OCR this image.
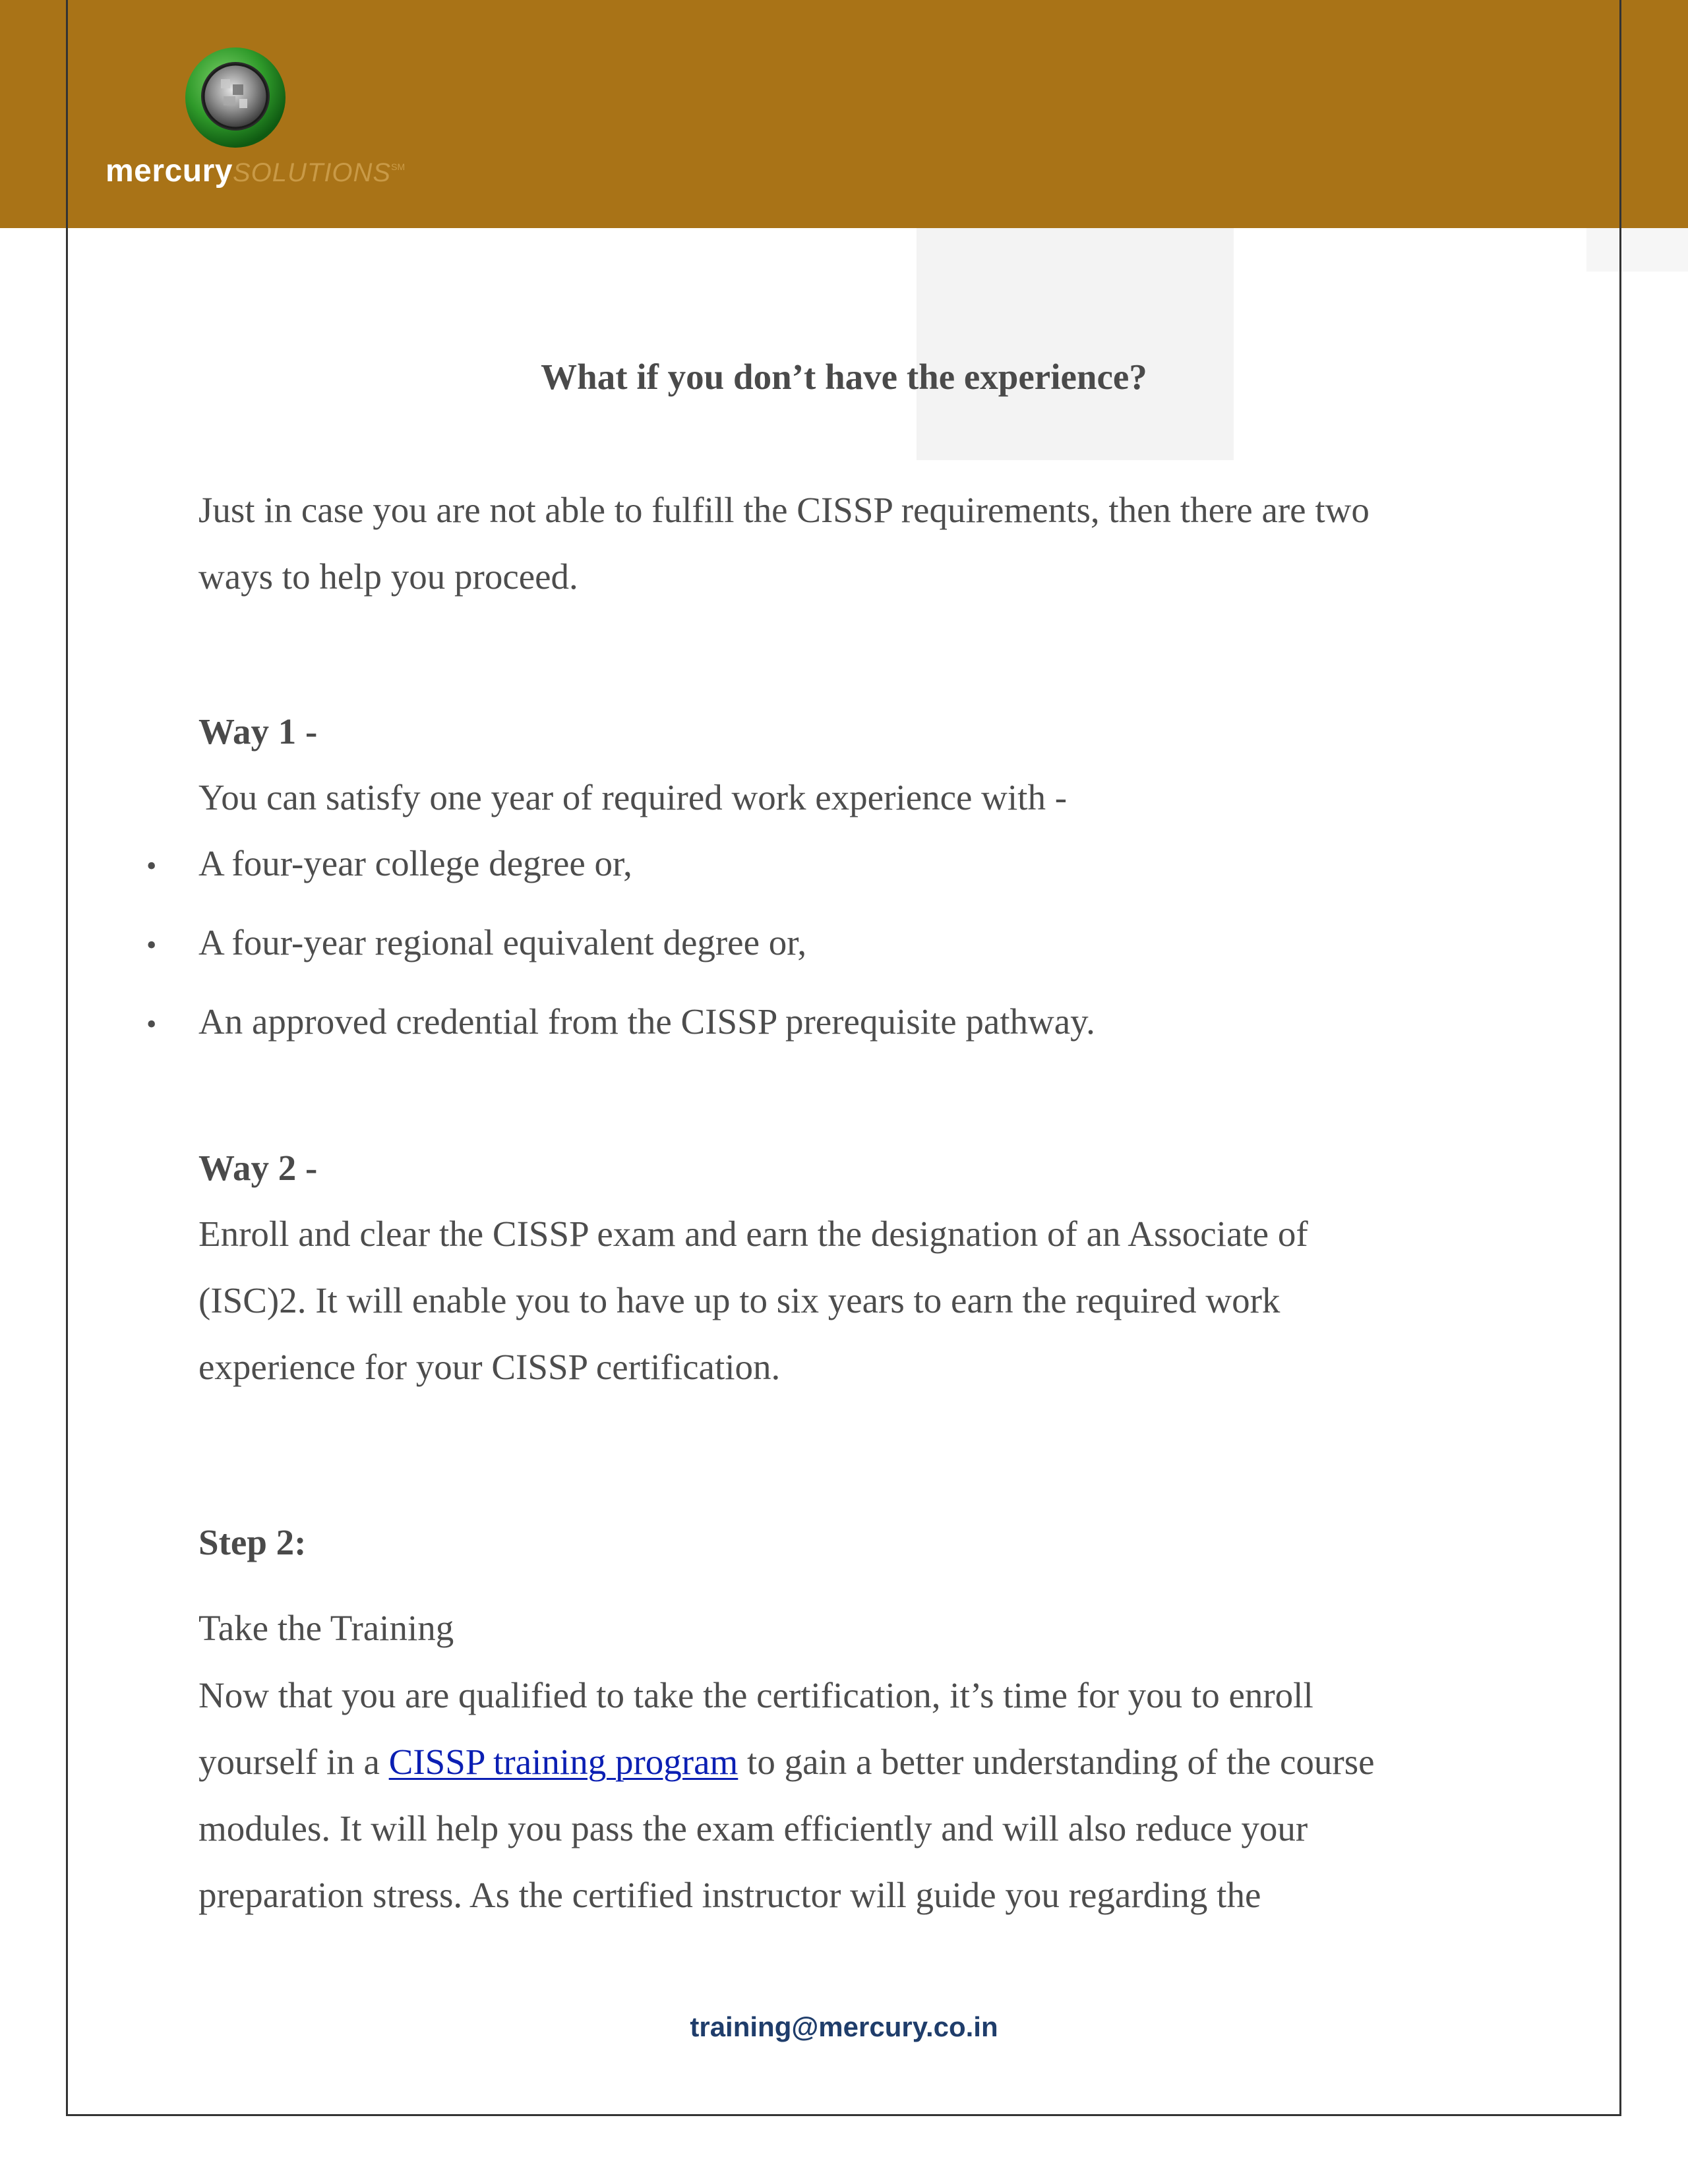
mercurySOLUTIONS℠
What if you don’t have the experience?

Just in case you are not able to fulfill the CISSP requirements, then there are two

ways to help you proceed.

Way 1 -

You can satisfy one year of required work experience with -

• A four-year college degree or,

• A four-year regional equivalent degree or,

• An approved credential from the CISSP prerequisite pathway.

Way 2 -

Enroll and clear the CISSP exam and earn the designation of an Associate of

(ISC)2. It will enable you to have up to six years to earn the required work

experience for your CISSP certification.

Step 2:

Take the Training

Now that you are qualified to take the certification, it’s time for you to enroll

yourself in a CISSP training program to gain a better understanding of the course

modules. It will help you pass the exam efficiently and will also reduce your

preparation stress. As the certified instructor will guide you regarding the

training@mercury.co.in
